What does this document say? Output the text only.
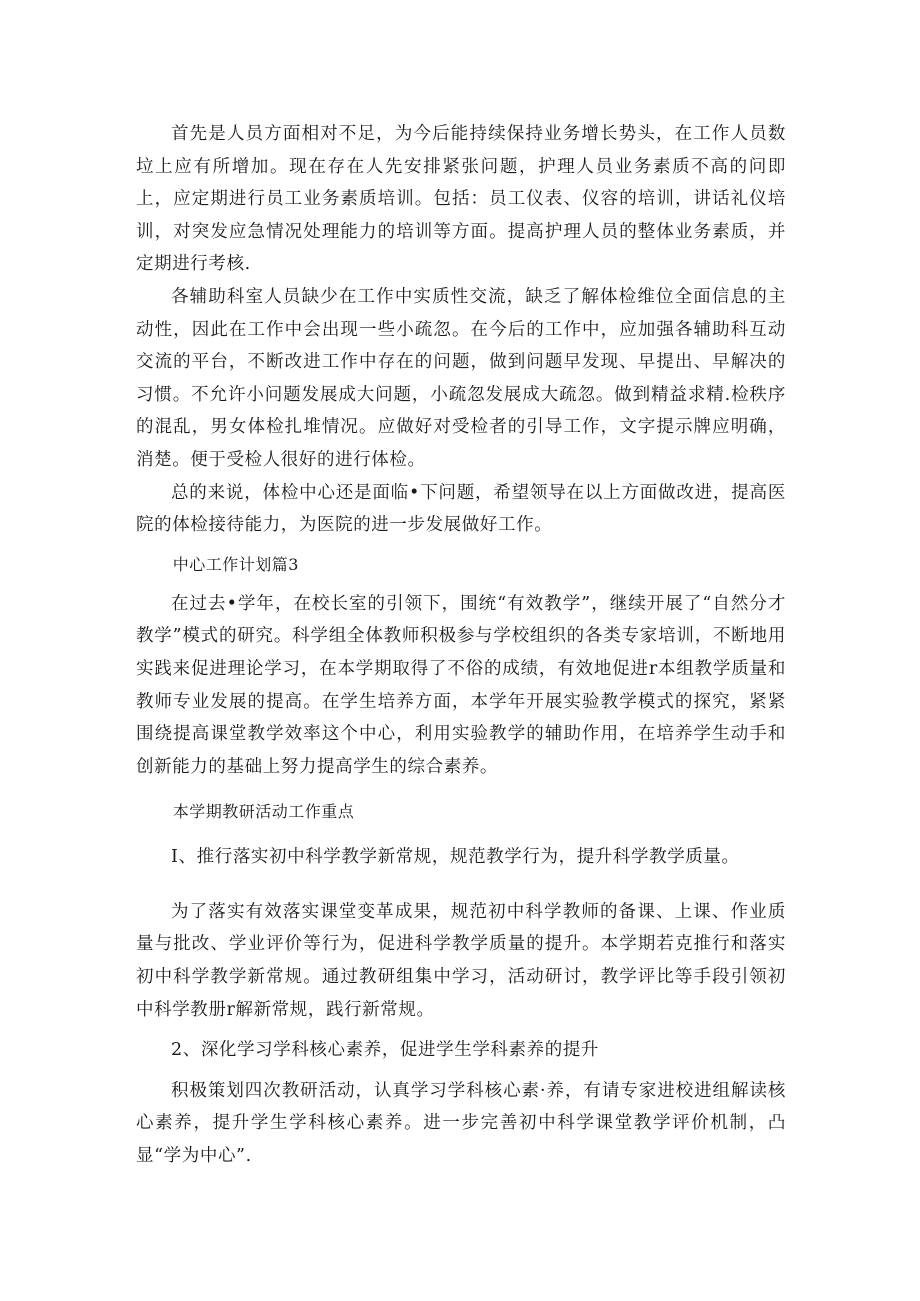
首先是人员方面相对不足，为今后能持续保持业务增长势头，在工作人员数垃上应有所增加。现在存在人先安排紧张问题，护理人员业务素质不高的问即上，应定期进行员工业务素质培训。包括：员工仪表、仪容的培训，讲话礼仪培训，对突发应急情况处理能力的培训等方面。提高护理人员的整体业务素质，并定期进行考核.

各辅助科室人员缺少在工作中实质性交流，缺乏了解体检维位全面信息的主动性，因此在工作中会出现一些小疏忽。在今后的工作中，应加强各辅助科互动交流的平台，不断改进工作中存在的问题，做到问题早发现、早提出、早解决的习惯。不允许小问题发展成大问题，小疏忽发展成大疏忽。做到精益求精.检秩序的混乱，男女体检扎堆情况。应做好对受检者的引导工作，文字提示牌应明确，消楚。便于受检人很好的进行体检。

总的来说，体检中心还是面临•下问题，希望领导在以上方面做改进，提高医院的体检接待能力，为医院的进一步发展做好工作。

中心工作计划篇3

在过去•学年，在校长室的引领下，围统“有效教学”，继续开展了“自然分才教学”模式的研究。科学组全体教师积极参与学校组织的各类专家培训，不断地用实践来促进理论学习，在本学期取得了不俗的成绩，有效地促进r本组教学质量和教师专业发展的提高。在学生培养方面，本学年开展实验教学模式的探究，紧紧围绕提高课堂教学效率这个中心，利用实验教学的辅助作用，在培养学生动手和创新能力的基础上努力提高学生的综合素养。

本学期教研活动工作重点

I、推行落实初中科学教学新常规，规范教学行为，提升科学教学质量。

为了落实有效落实课堂变革成果，规范初中科学教师的备课、上课、作业质量与批改、学业评价等行为，促进科学教学质量的提升。本学期若克推行和落实初中科学教学新常规。通过教研组集中学习，活动研讨，教学评比等手段引领初中科学教册r解新常规，践行新常规。

2、深化学习学科核心素养，促进学生学科素养的提升

积极策划四次教研活动，认真学习学科核心素·养，有请专家进校进组解读核心素养，提升学生学科核心素养。进一步完善初中科学课堂教学评价机制，凸显“学为中心”.
